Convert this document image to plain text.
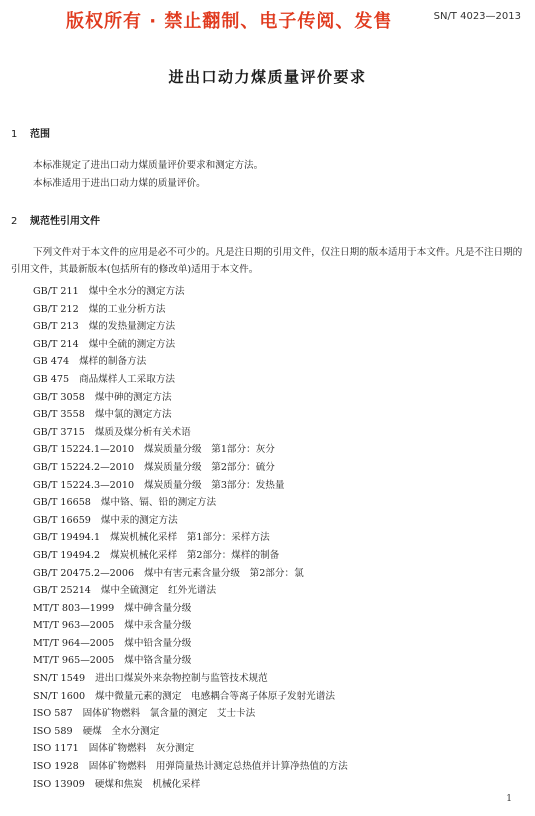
版权所有 · 禁止翻制、电子传阅、发售	SN/T 4023—2013
进出口动力煤质量评价要求
1 范围

本标准规定了进出口动力煤质量评价要求和测定方法。

本标准适用于进出口动力煤的质量评价。

2 规范性引用文件

下列文件对于本文件的应用是必不可少的。凡是注日期的引用文件，仅注日期的版本适用于本文件。凡是不注日期的引用文件，其最新版本(包括所有的修改单)适用于本文件。

GB/T 211 煤中全水分的测定方法
GB/T 212 煤的工业分析方法
GB/T 213 煤的发热量测定方法
GB/T 214 煤中全硫的测定方法
GB 474 煤样的制备方法
GB 475 商品煤样人工采取方法
GB/T 3058 煤中砷的测定方法
GB/T 3558 煤中氯的测定方法
GB/T 3715 煤质及煤分析有关术语
GB/T 15224.1—2010 煤炭质量分级　第1部分：灰分
GB/T 15224.2—2010 煤炭质量分级　第2部分：硫分
GB/T 15224.3—2010 煤炭质量分级　第3部分：发热量
GB/T 16658 煤中铬、镉、铅的测定方法
GB/T 16659 煤中汞的测定方法
GB/T 19494.1 煤炭机械化采样　第1部分：采样方法
GB/T 19494.2 煤炭机械化采样　第2部分：煤样的制备
GB/T 20475.2—2006 煤中有害元素含量分级　第2部分：氯
GB/T 25214 煤中全硫测定　红外光谱法
MT/T 803—1999 煤中砷含量分级
MT/T 963—2005 煤中汞含量分级
MT/T 964—2005 煤中铅含量分级
MT/T 965—2005 煤中铬含量分级
SN/T 1549 进出口煤炭外来杂物控制与监管技术规范
SN/T 1600 煤中微量元素的测定　电感耦合等离子体原子发射光谱法
ISO 587 固体矿物燃料　氯含量的测定　艾士卡法
ISO 589 硬煤　全水分测定
ISO 1171 固体矿物燃料　灰分测定
ISO 1928 固体矿物燃料　用弹筒量热计测定总热值并计算净热值的方法
ISO 13909 硬煤和焦炭　机械化采样
1
